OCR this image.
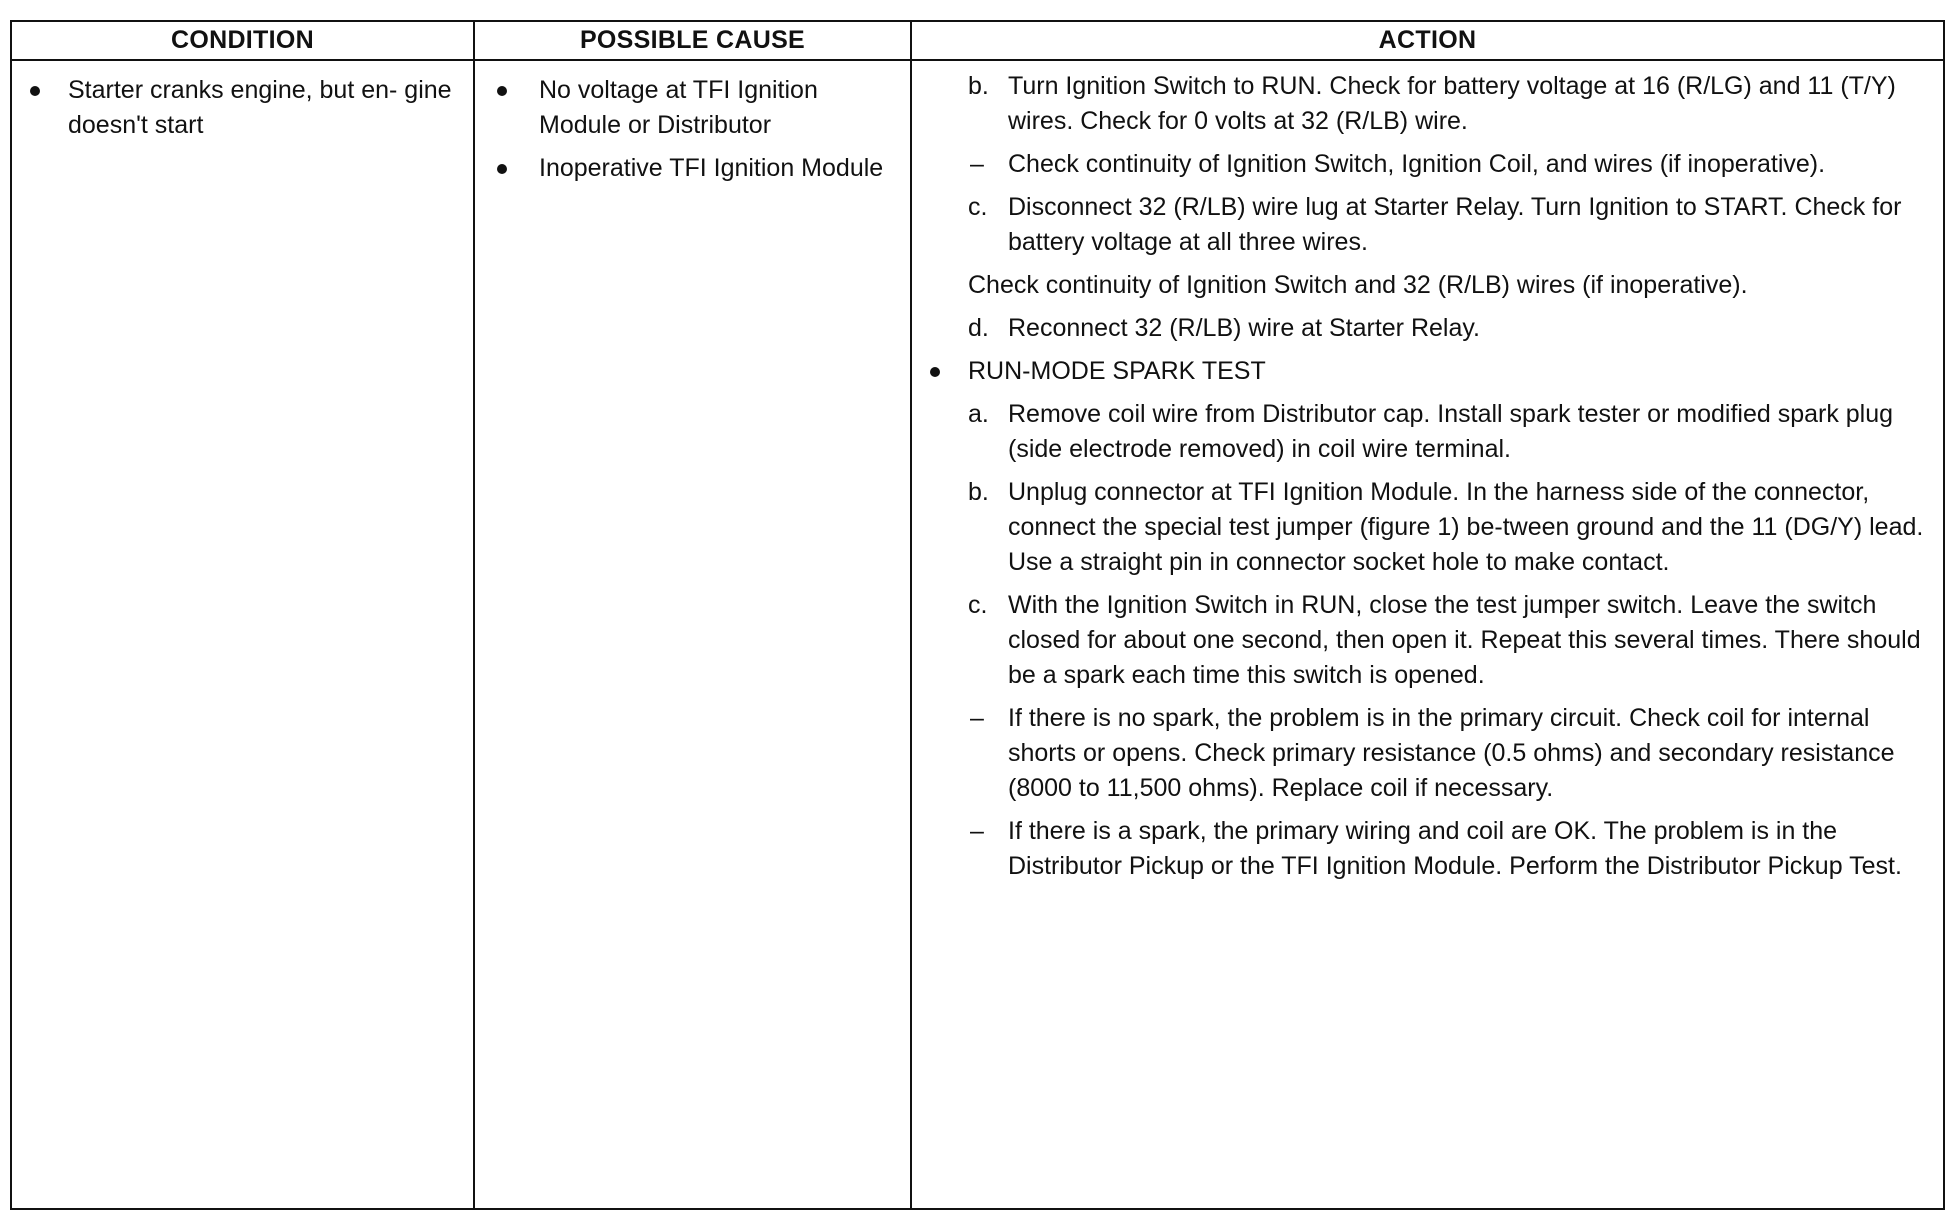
CONDITION
Starter cranks engine, but en- gine doesn't start
POSSIBLE CAUSE
No voltage at TFI Ignition Module or Distributor
Inoperative TFI Ignition Module
ACTION
b. Turn Ignition Switch to RUN. Check for battery voltage at 16 (R/LG) and 11 (T/Y) wires. Check for 0 volts at 32 (R/LB) wire.
– Check continuity of Ignition Switch, Ignition Coil, and wires (if inoperative).
c. Disconnect 32 (R/LB) wire lug at Starter Relay. Turn Ignition to START. Check for battery voltage at all three wires.
Check continuity of Ignition Switch and 32 (R/LB) wires (if inoperative).
d. Reconnect 32 (R/LB) wire at Starter Relay.
RUN-MODE SPARK TEST
a. Remove coil wire from Distributor cap. Install spark tester or modified spark plug (side electrode removed) in coil wire terminal.
b. Unplug connector at TFI Ignition Module. In the harness side of the connector, connect the special test jumper (figure 1) be-tween ground and the 11 (DG/Y) lead. Use a straight pin in connector socket hole to make contact.
c. With the Ignition Switch in RUN, close the test jumper switch. Leave the switch closed for about one second, then open it. Repeat this several times. There should be a spark each time this switch is opened.
– If there is no spark, the problem is in the primary circuit. Check coil for internal shorts or opens. Check primary resistance (0.5 ohms) and secondary resistance (8000 to 11,500 ohms). Replace coil if necessary.
– If there is a spark, the primary wiring and coil are OK. The problem is in the Distributor Pickup or the TFI Ignition Module. Perform the Distributor Pickup Test.
